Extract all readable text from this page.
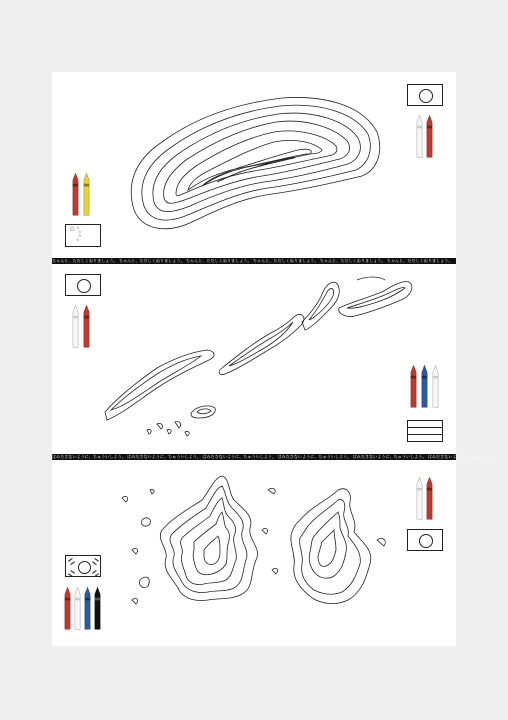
☆ ☆
☆
☆
☆
ちゃんと、ただしくぬりましょう。 ちゃんと、ただしくぬりましょう。 ちゃんと、ただしくぬりましょう。 ちゃんと、ただしくぬりましょう。 ちゃんと、ただしくぬりましょう。 ちゃんと、ただしくぬりましょう。
はみださないように、ちゅういしよう。 はみださないように、ちゅういしよう。 はみださないように、ちゅういしよう。 はみださないように、ちゅういしよう。 はみださないように、ちゅういしよう。 はみださないように、ちゅういしよう。
